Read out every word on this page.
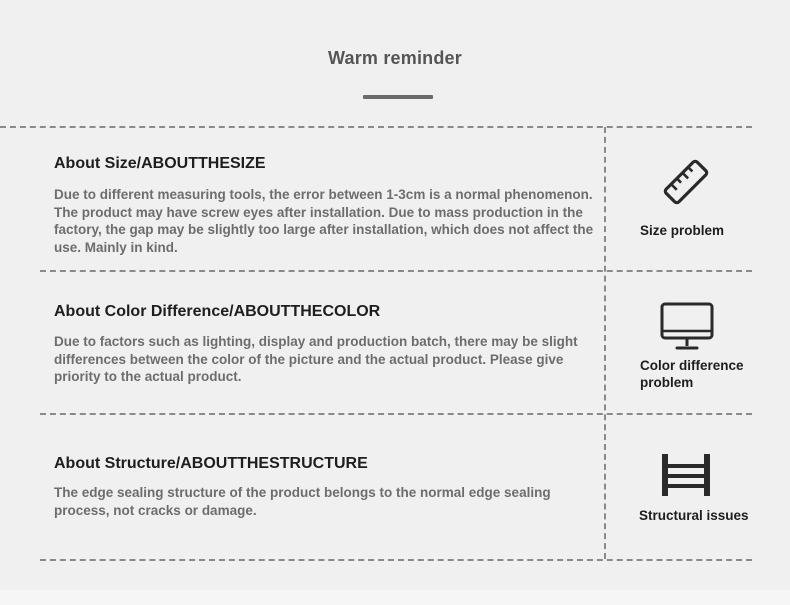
Warm reminder
About Size/ABOUTTHESIZE
Due to different measuring tools, the error between 1-3cm is a normal phenomenon. The product may have screw eyes after installation. Due to mass production in the factory, the gap may be slightly too large after installation, which does not affect the use. Mainly in kind.
Size problem
About Color Difference/ABOUTTHECOLOR
Due to factors such as lighting, display and production batch, there may be slight differences between the color of the picture and the actual product. Please give priority to the actual product.
Color difference problem
About Structure/ABOUTTHESTRUCTURE
The edge sealing structure of the product belongs to the normal edge sealing process, not cracks or damage.	Structural issues
